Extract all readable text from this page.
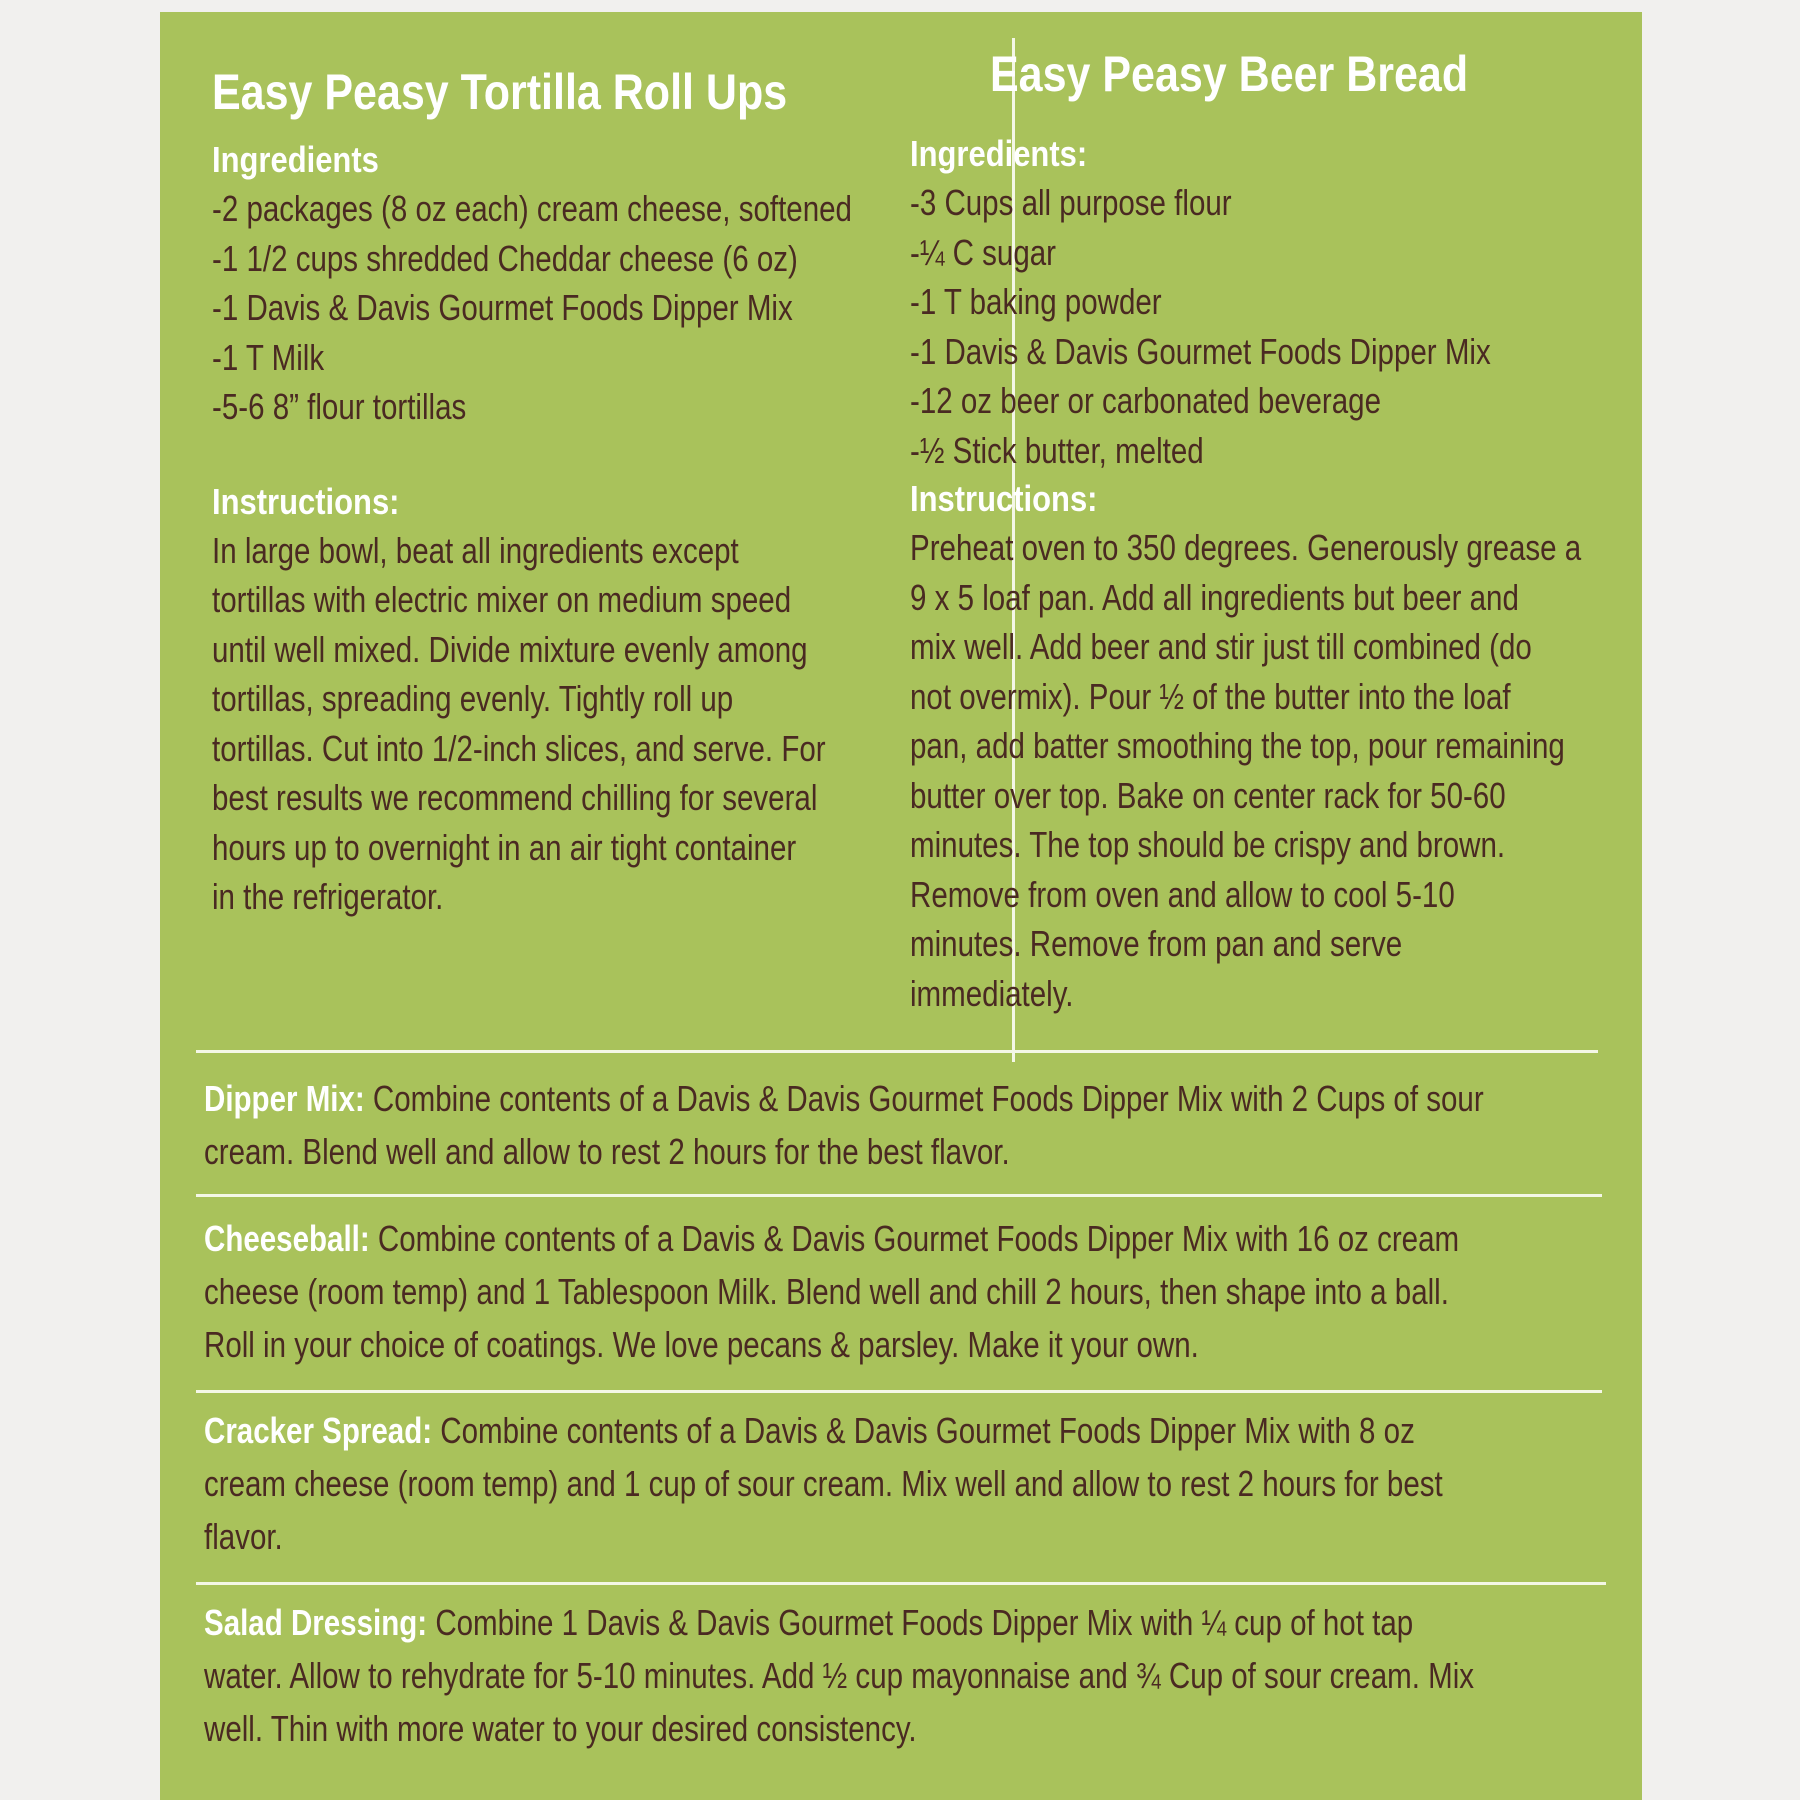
Easy Peasy Tortilla Roll Ups
Ingredients
-2 packages (8 oz each) cream cheese, softened
-1 1/2 cups shredded Cheddar cheese (6 oz)
-1 Davis & Davis Gourmet Foods Dipper Mix
-1 T Milk
-5-6 8” flour tortillas
Instructions:
In large bowl, beat all ingredients except
tortillas with electric mixer on medium speed
until well mixed. Divide mixture evenly among
tortillas, spreading evenly. Tightly roll up
tortillas. Cut into 1/2-inch slices, and serve. For
best results we recommend chilling for several
hours up to overnight in an air tight container
in the refrigerator.
Easy Peasy Beer Bread
Ingredients:
-3 Cups all purpose flour
-¼ C sugar
-1 T baking powder
-1 Davis & Davis Gourmet Foods Dipper Mix
-12 oz beer or carbonated beverage
-½ Stick butter, melted
Instructions:
Preheat oven to 350 degrees. Generously grease a
9 x 5 loaf pan. Add all ingredients but beer and
mix well. Add beer and stir just till combined (do
not overmix). Pour ½ of the butter into the loaf
pan, add batter smoothing the top, pour remaining
butter over top. Bake on center rack for 50-60
minutes. The top should be crispy and brown.
Remove from oven and allow to cool 5-10
minutes. Remove from pan and serve
immediately.
Dipper Mix: Combine contents of a Davis & Davis Gourmet Foods Dipper Mix with 2 Cups of sour
cream. Blend well and allow to rest 2 hours for the best flavor.
Cheeseball: Combine contents of a Davis & Davis Gourmet Foods Dipper Mix with 16 oz cream
cheese (room temp) and 1 Tablespoon Milk. Blend well and chill 2 hours, then shape into a ball.
Roll in your choice of coatings. We love pecans & parsley. Make it your own.
Cracker Spread: Combine contents of a Davis & Davis Gourmet Foods Dipper Mix with 8 oz
cream cheese (room temp) and 1 cup of sour cream. Mix well and allow to rest 2 hours for best
flavor.
Salad Dressing: Combine 1 Davis & Davis Gourmet Foods Dipper Mix with ¼ cup of hot tap
water. Allow to rehydrate for 5-10 minutes. Add ½ cup mayonnaise and ¾ Cup of sour cream. Mix
well. Thin with more water to your desired consistency.
